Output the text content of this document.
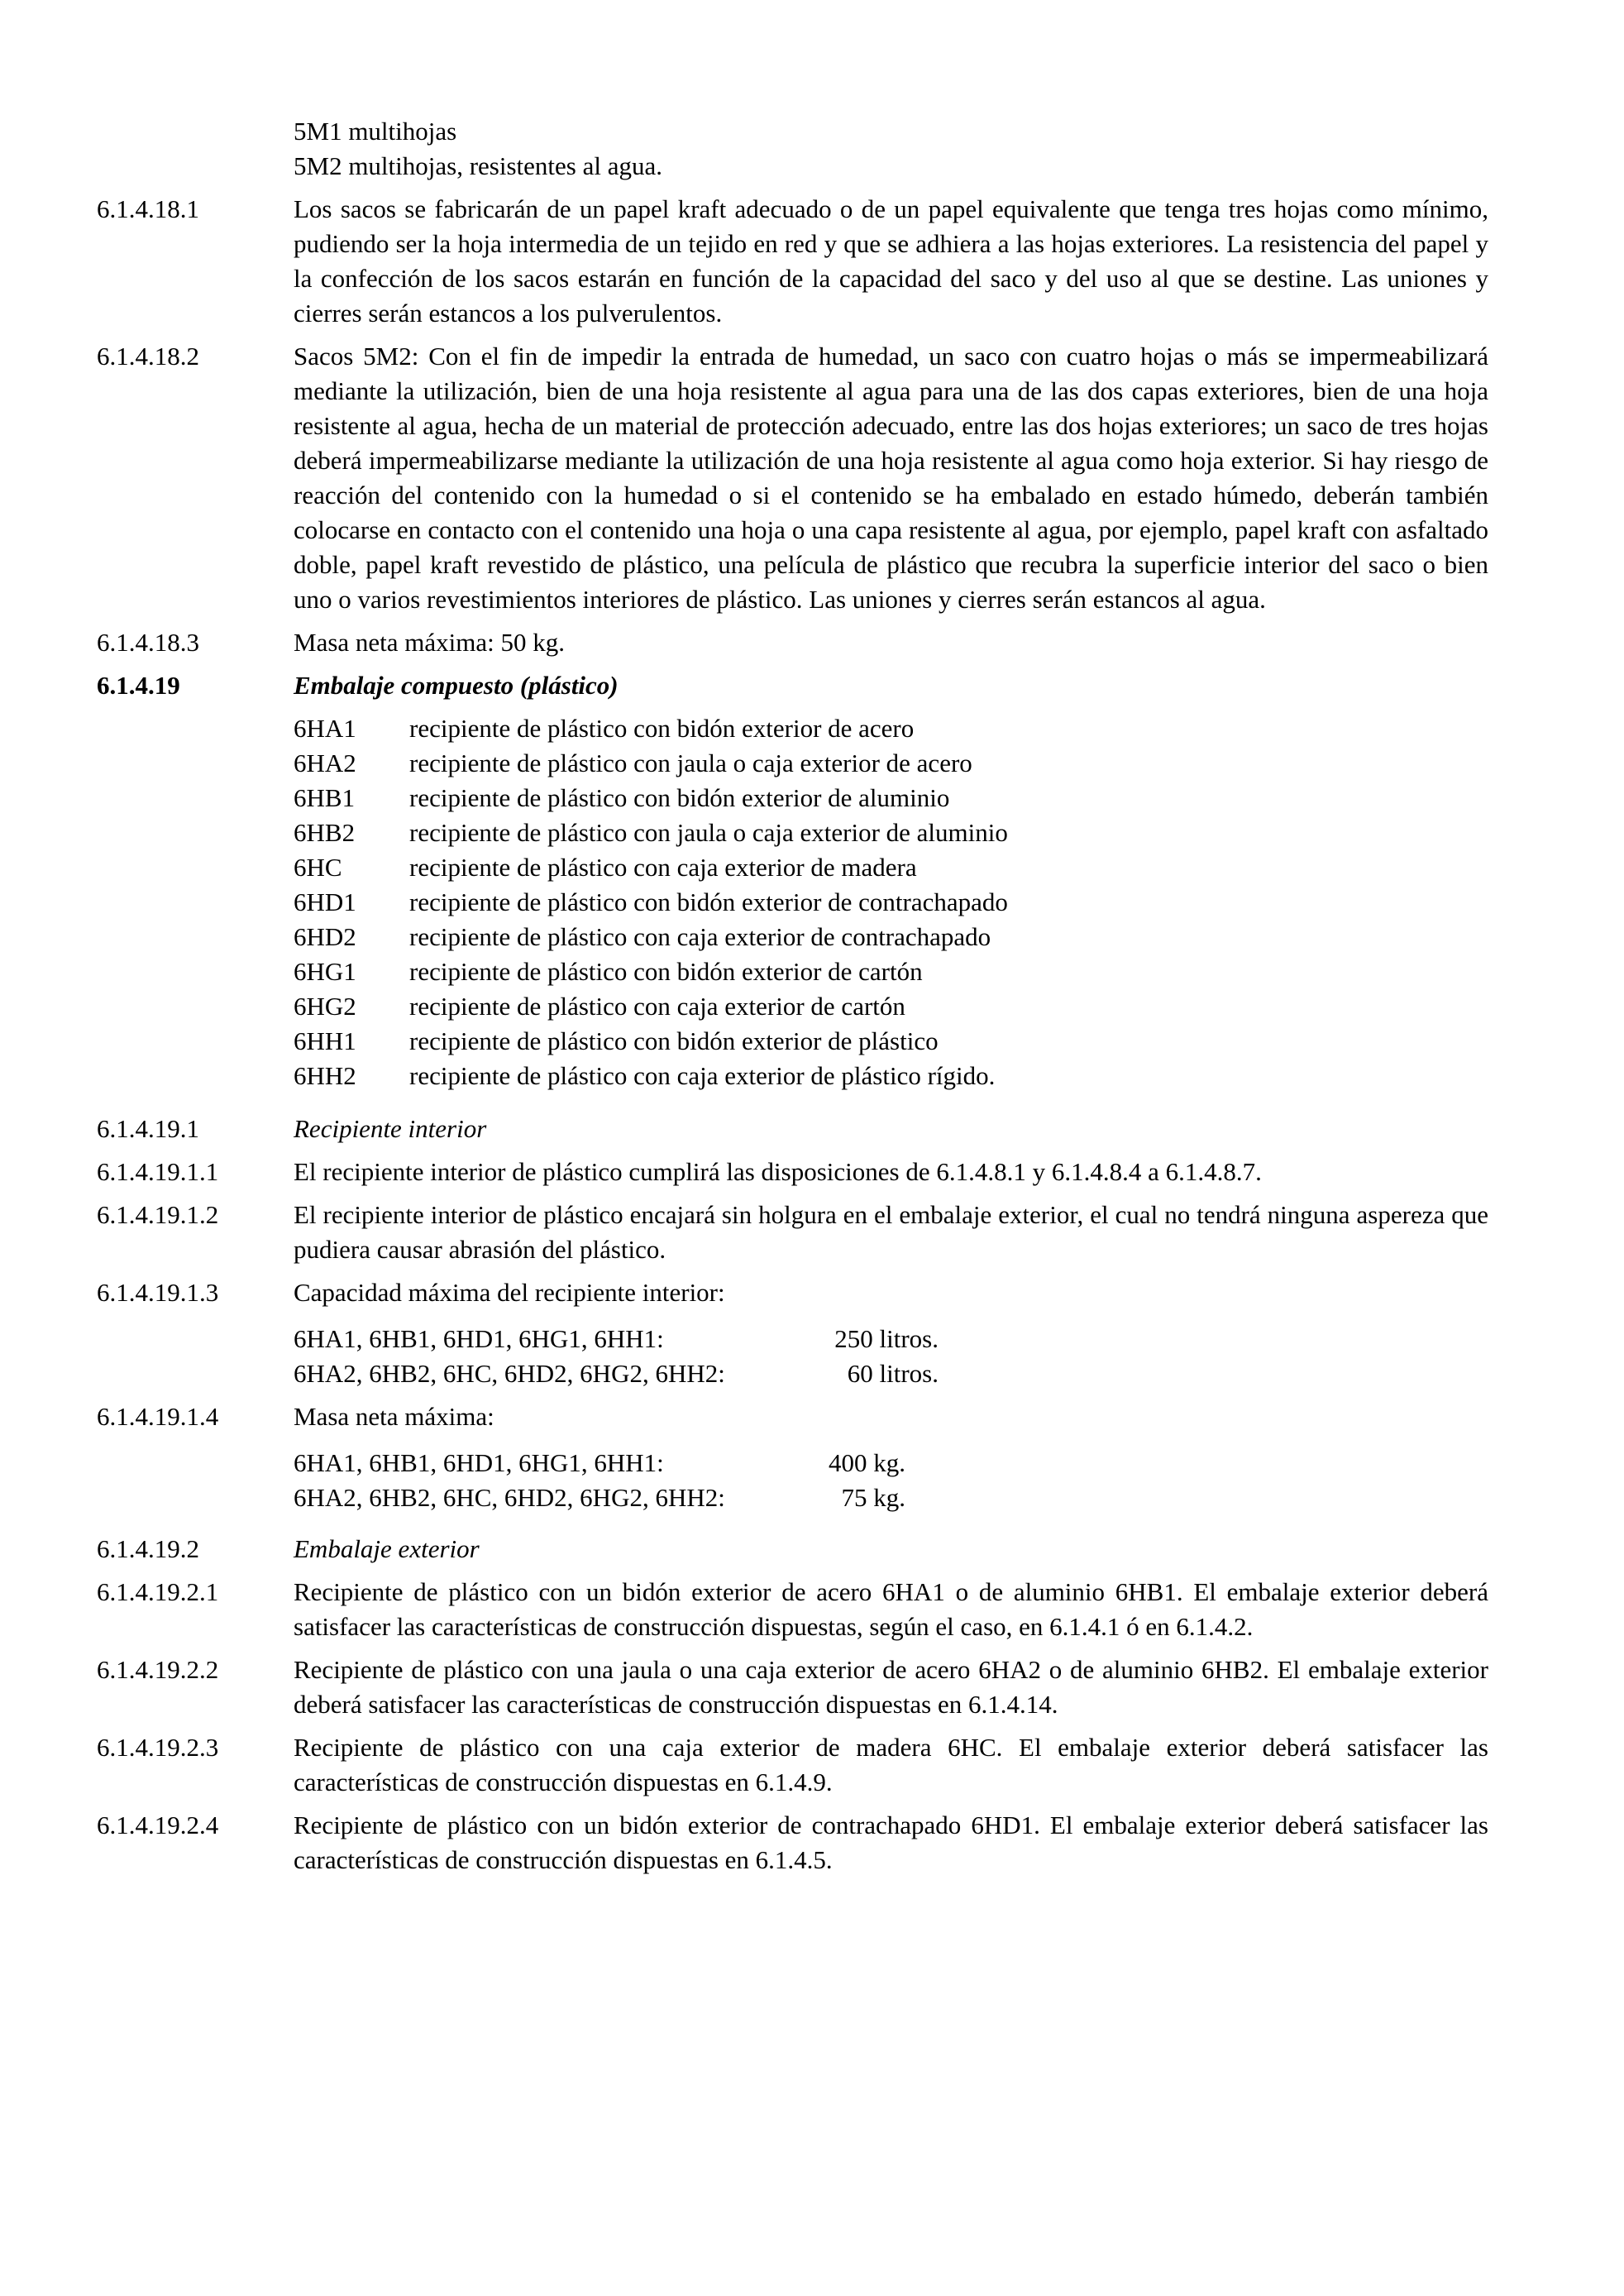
5M1 multihojas
5M2 multihojas, resistentes al agua.
6.1.4.18.1	Los sacos se fabricarán de un papel kraft adecuado o de un papel equivalente que tenga tres hojas como mínimo, pudiendo ser la hoja intermedia de un tejido en red y que se adhiera a las hojas exteriores. La resistencia del papel y la confección de los sacos estarán en función de la capacidad del saco y del uso al que se destine. Las uniones y cierres serán estancos a los pulverulentos.
6.1.4.18.2	Sacos 5M2: Con el fin de impedir la entrada de humedad, un saco con cuatro hojas o más se impermeabilizará mediante la utilización, bien de una hoja resistente al agua para una de las dos capas exteriores, bien de una hoja resistente al agua, hecha de un material de protección adecuado, entre las dos hojas exteriores; un saco de tres hojas deberá impermeabilizarse mediante la utilización de una hoja resistente al agua como hoja exterior. Si hay riesgo de reacción del contenido con la humedad o si el contenido se ha embalado en estado húmedo, deberán también colocarse en contacto con el contenido una hoja o una capa resistente al agua, por ejemplo, papel kraft con asfaltado doble, papel kraft revestido de plástico, una película de plástico que recubra la superficie interior del saco o bien uno o varios revestimientos interiores de plástico. Las uniones y cierres serán estancos al agua.
6.1.4.18.3	Masa neta máxima: 50 kg.
6.1.4.19	Embalaje compuesto (plástico)
6HA1	recipiente de plástico con bidón exterior de acero
6HA2	recipiente de plástico con jaula o caja exterior de acero
6HB1	recipiente de plástico con bidón exterior de aluminio
6HB2	recipiente de plástico con jaula o caja exterior de aluminio
6HC	recipiente de plástico con caja exterior de madera
6HD1	recipiente de plástico con bidón exterior de contrachapado
6HD2	recipiente de plástico con caja exterior de contrachapado
6HG1	recipiente de plástico con bidón exterior de cartón
6HG2	recipiente de plástico con caja exterior de cartón
6HH1	recipiente de plástico con bidón exterior de plástico
6HH2	recipiente de plástico con caja exterior de plástico rígido.
6.1.4.19.1	Recipiente interior
6.1.4.19.1.1	El recipiente interior de plástico cumplirá las disposiciones de 6.1.4.8.1 y 6.1.4.8.4 a 6.1.4.8.7.
6.1.4.19.1.2	El recipiente interior de plástico encajará sin holgura en el embalaje exterior, el cual no tendrá ninguna aspereza que pudiera causar abrasión del plástico.
6.1.4.19.1.3	Capacidad máxima del recipiente interior:
6HA1, 6HB1, 6HD1, 6HG1, 6HH1:	250 litros.
6HA2, 6HB2, 6HC, 6HD2, 6HG2, 6HH2:	60 litros.
6.1.4.19.1.4	Masa neta máxima:
6HA1, 6HB1, 6HD1, 6HG1, 6HH1:	400 kg.
6HA2, 6HB2, 6HC, 6HD2, 6HG2, 6HH2:	75 kg.
6.1.4.19.2	Embalaje exterior
6.1.4.19.2.1	Recipiente de plástico con un bidón exterior de acero 6HA1 o de aluminio 6HB1. El embalaje exterior deberá satisfacer las características de construcción dispuestas, según el caso, en 6.1.4.1 ó en 6.1.4.2.
6.1.4.19.2.2	Recipiente de plástico con una jaula o una caja exterior de acero 6HA2 o de aluminio 6HB2. El embalaje exterior deberá satisfacer las características de construcción dispuestas en 6.1.4.14.
6.1.4.19.2.3	Recipiente de plástico con una caja exterior de madera 6HC. El embalaje exterior deberá satisfacer las características de construcción dispuestas en 6.1.4.9.
6.1.4.19.2.4	Recipiente de plástico con un bidón exterior de contrachapado 6HD1. El embalaje exterior deberá satisfacer las características de construcción dispuestas en 6.1.4.5.
